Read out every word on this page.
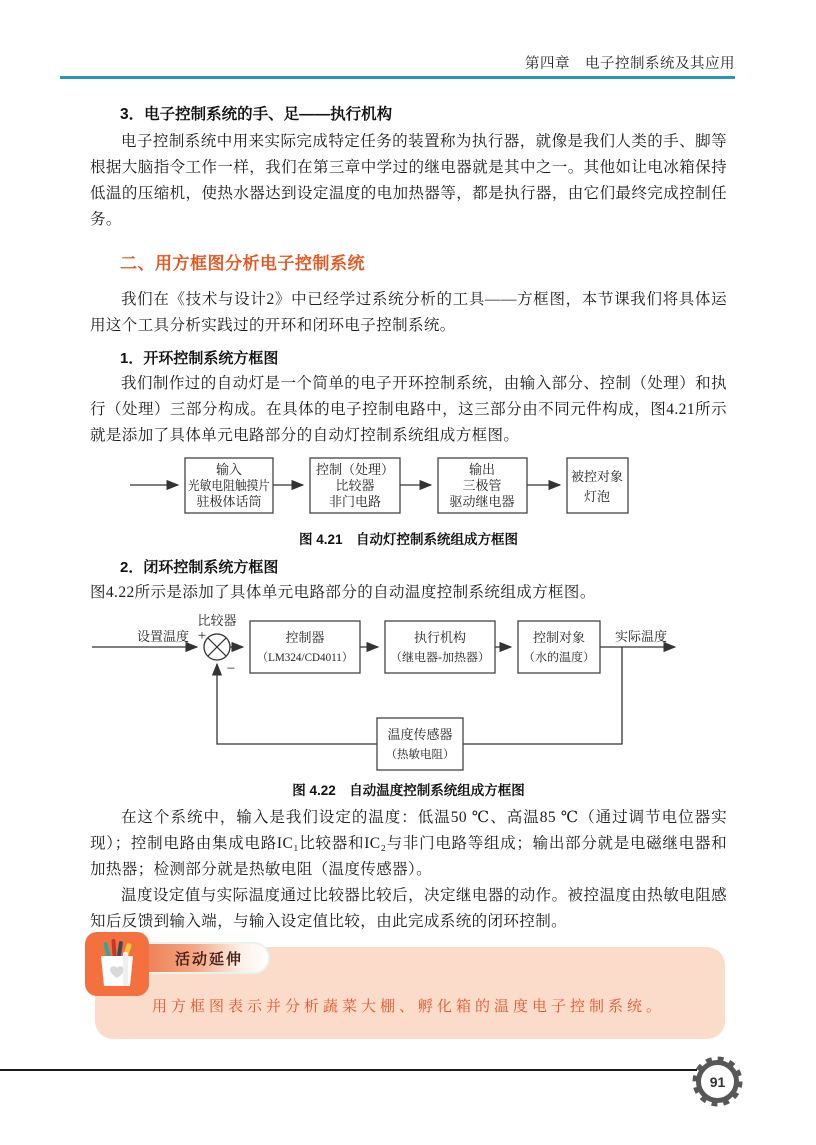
第四章　电子控制系统及其应用
3．电子控制系统的手、足——执行机构

电子控制系统中用来实际完成特定任务的装置称为执行器，就像是我们人类的手、脚等根据大脑指令工作一样，我们在第三章中学过的继电器就是其中之一。其他如让电冰箱保持低温的压缩机，使热水器达到设定温度的电加热器等，都是执行器，由它们最终完成控制任务。

二、用方框图分析电子控制系统

我们在《技术与设计2》中已经学过系统分析的工具——方框图，本节课我们将具体运用这个工具分析实践过的开环和闭环电子控制系统。

1．开环控制系统方框图

我们制作过的自动灯是一个简单的电子开环控制系统，由输入部分、控制（处理）和执行（处理）三部分构成。在具体的电子控制电路中，这三部分由不同元件构成，图4.21所示就是添加了具体单元电路部分的自动灯控制系统组成方框图。

输入
光敏电阻触摸片
驻极体话筒
控制（处理）
比较器
非门电路
输出
三极管
驱动继电器
被控对象
灯泡
图 4.21　自动灯控制系统组成方框图
2．闭环控制系统方框图

图4.22所示是添加了具体单元电路部分的自动温度控制系统组成方框图。

设置温度 +
比较器
−
实际温度
控制器
（LM324/CD4011）
执行机构
（继电器-加热器）
控制对象
（水的温度）
温度传感器
（热敏电阻）
图 4.22　自动温度控制系统组成方框图

在这个系统中，输入是我们设定的温度：低温50 ℃、高温85 ℃（通过调节电位器实现）；控制电路由集成电路IC₁比较器和IC₂与非门电路等组成；输出部分就是电磁继电器和加热器；检测部分就是热敏电阻（温度传感器）。

温度设定值与实际温度通过比较器比较后，决定继电器的动作。被控温度由热敏电阻感知后反馈到输入端，与输入设定值比较，由此完成系统的闭环控制。

活动延伸
用方框图表示并分析蔬菜大棚、孵化箱的温度电子控制系统。
91
